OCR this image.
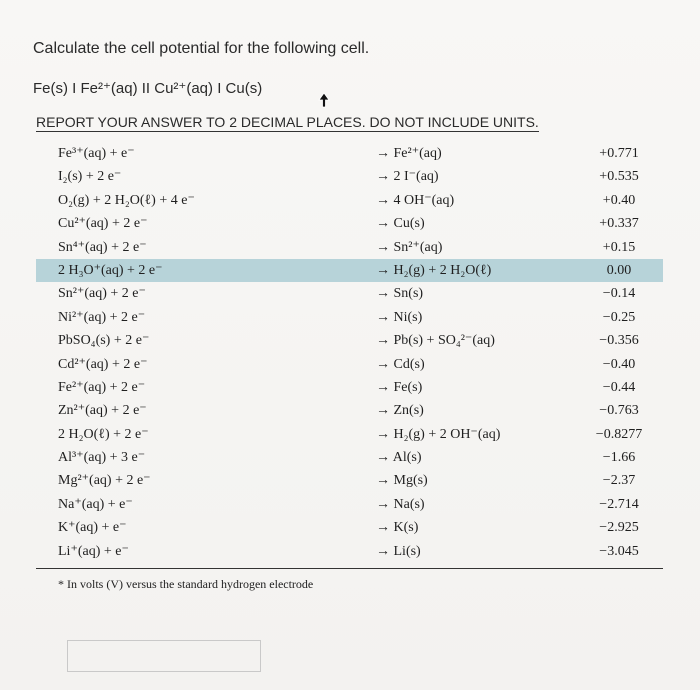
Calculate the cell potential for the following cell.
Fe(s) I Fe²⁺(aq) II Cu²⁺(aq) I Cu(s)
REPORT YOUR ANSWER TO 2 DECIMAL PLACES. DO NOT INCLUDE UNITS.
Fe³⁺(aq) + e⁻	→ Fe²⁺(aq)	+0.771
I₂(s) + 2 e⁻	→ 2 I⁻(aq)	+0.535
O₂(g) + 2 H₂O(ℓ) + 4 e⁻	→ 4 OH⁻(aq)	+0.40
Cu²⁺(aq) + 2 e⁻	→ Cu(s)	+0.337
Sn⁴⁺(aq) + 2 e⁻	→ Sn²⁺(aq)	+0.15
2 H₃O⁺(aq) + 2 e⁻	→ H₂(g) + 2 H₂O(ℓ)	0.00
Sn²⁺(aq) + 2 e⁻	→ Sn(s)	−0.14
Ni²⁺(aq) + 2 e⁻	→ Ni(s)	−0.25
PbSO₄(s) + 2 e⁻	→ Pb(s) + SO₄²⁻(aq)	−0.356
Cd²⁺(aq) + 2 e⁻	→ Cd(s)	−0.40
Fe²⁺(aq) + 2 e⁻	→ Fe(s)	−0.44
Zn²⁺(aq) + 2 e⁻	→ Zn(s)	−0.763
2 H₂O(ℓ) + 2 e⁻	→ H₂(g) + 2 OH⁻(aq)	−0.8277
Al³⁺(aq) + 3 e⁻	→ Al(s)	−1.66
Mg²⁺(aq) + 2 e⁻	→ Mg(s)	−2.37
Na⁺(aq) + e⁻	→ Na(s)	−2.714
K⁺(aq) + e⁻	→ K(s)	−2.925
Li⁺(aq) + e⁻	→ Li(s)	−3.045
* In volts (V) versus the standard hydrogen electrode
